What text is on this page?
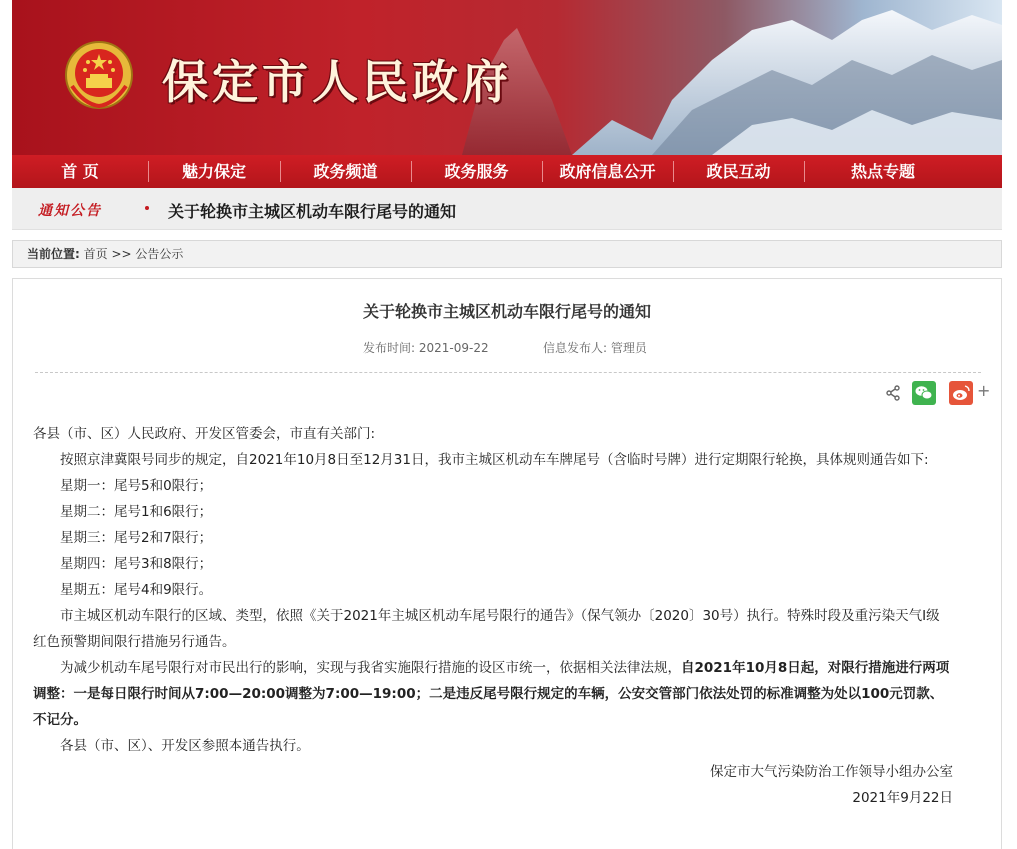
保定市人民政府
首 页	魅力保定	政务频道	政务服务	政府信息公开	政民互动	热点专题
通知公告	关于轮换市主城区机动车限行尾号的通知
当前位置: 首页 >> 公告公示
关于轮换市主城区机动车限行尾号的通知
发布时间: 2021-09-22	信息发布人: 管理员
+

各县（市、区）人民政府、开发区管委会，市直有关部门:

按照京津冀限号同步的规定，自2021年10月8日至12月31日，我市主城区机动车车牌尾号（含临时号牌）进行定期限行轮换，具体规则通告如下:

星期一：尾号5和0限行；

星期二：尾号1和6限行；

星期三：尾号2和7限行；

星期四：尾号3和8限行；

星期五：尾号4和9限行。

市主城区机动车限行的区域、类型，依照《关于2021年主城区机动车尾号限行的通告》（保气领办〔2020〕30号）执行。特殊时段及重污染天气Ⅰ级红色预警期间限行措施另行通告。

为减少机动车尾号限行对市民出行的影响，实现与我省实施限行措施的设区市统一，依据相关法律法规，自2021年10月8日起，对限行措施进行两项调整：一是每日限行时间从7:00—20:00调整为7:00—19:00；二是违反尾号限行规定的车辆，公安交管部门依法处罚的标准调整为处以100元罚款、不记分。

各县（市、区）、开发区参照本通告执行。

保定市大气污染防治工作领导小组办公室

2021年9月22日
